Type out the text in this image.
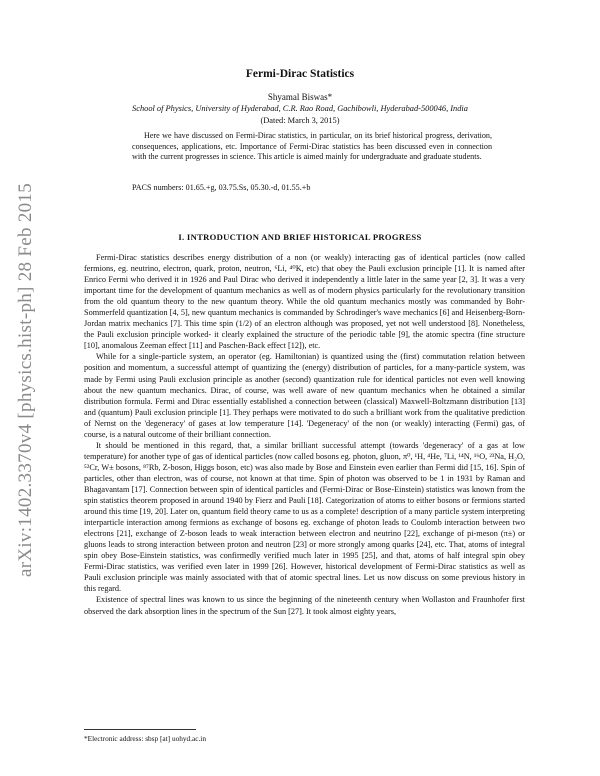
arXiv:1402.3370v4 [physics.hist-ph] 28 Feb 2015
Fermi-Dirac Statistics
Shyamal Biswas*
School of Physics, University of Hyderabad, C.R. Rao Road, Gachibowli, Hyderabad-500046, India
(Dated: March 3, 2015)

Here we have discussed on Fermi-Dirac statistics, in particular, on its brief historical progress, derivation, consequences, applications, etc. Importance of Fermi-Dirac statistics has been discussed even in connection with the current progresses in science. This article is aimed mainly for undergraduate and graduate students.

PACS numbers: 01.65.+g, 03.75.Ss, 05.30.-d, 01.55.+b
I. INTRODUCTION AND BRIEF HISTORICAL PROGRESS

Fermi-Dirac statistics describes energy distribution of a non (or weakly) interacting gas of identical particles (now called fermions, eg. neutrino, electron, quark, proton, neutron, ⁶Li, ⁴⁰K, etc) that obey the Pauli exclusion principle [1]. It is named after Enrico Fermi who derived it in 1926 and Paul Dirac who derived it independently a little later in the same year [2, 3]. It was a very important time for the development of quantum mechanics as well as of modern physics particularly for the revolutionary transition from the old quantum theory to the new quantum theory. While the old quantum mechanics mostly was commanded by Bohr-Sommerfeld quantization [4, 5], new quantum mechanics is commanded by Schrodinger's wave mechanics [6] and Heisenberg-Born-Jordan matrix mechanics [7]. This time spin (1/2) of an electron although was proposed, yet not well understood [8]. Nonetheless, the Pauli exclusion principle worked- it clearly explained the structure of the periodic table [9], the atomic spectra (fine structure [10], anomalous Zeeman effect [11] and Paschen-Back effect [12]), etc.

While for a single-particle system, an operator (eg. Hamiltonian) is quantized using the (first) commutation relation between position and momentum, a successful attempt of quantizing the (energy) distribution of particles, for a many-particle system, was made by Fermi using Pauli exclusion principle as another (second) quantization rule for identical particles not even well knowing about the new quantum mechanics. Dirac, of course, was well aware of new quantum mechanics when he obtained a similar distribution formula. Fermi and Dirac essentially established a connection between (classical) Maxwell-Boltzmann distribution [13] and (quantum) Pauli exclusion principle [1]. They perhaps were motivated to do such a brilliant work from the qualitative prediction of Nernst on the 'degeneracy' of gases at low temperature [14]. 'Degeneracy' of the non (or weakly) interacting (Fermi) gas, of course, is a natural outcome of their brilliant connection.

It should be mentioned in this regard, that, a similar brilliant successful attempt (towards 'degeneracy' of a gas at low temperature) for another type of gas of identical particles (now called bosons eg. photon, gluon, π⁰, ¹H, ⁴He, ⁷Li, ¹⁴N, ¹⁶O, ²³Na, H₂O, ⁵²Cr, W± bosons, ⁸⁷Rb, Z-boson, Higgs boson, etc) was also made by Bose and Einstein even earlier than Fermi did [15, 16]. Spin of particles, other than electron, was of course, not known at that time. Spin of photon was observed to be 1 in 1931 by Raman and Bhagavantam [17]. Connection between spin of identical particles and (Fermi-Dirac or Bose-Einstein) statistics was known from the spin statistics theorem proposed in around 1940 by Fierz and Pauli [18]. Categorization of atoms to either bosons or fermions started around this time [19, 20]. Later on, quantum field theory came to us as a complete! description of a many particle system interpreting interparticle interaction among fermions as exchange of bosons eg. exchange of photon leads to Coulomb interaction between two electrons [21], exchange of Z-boson leads to weak interaction between electron and neutrino [22], exchange of pi-meson (π±) or gluons leads to strong interaction between proton and neutron [23] or more strongly among quarks [24], etc. That, atoms of integral spin obey Bose-Einstein statistics, was confirmedly verified much later in 1995 [25], and that, atoms of half integral spin obey Fermi-Dirac statistics, was verified even later in 1999 [26]. However, historical development of Fermi-Dirac statistics as well as Pauli exclusion principle was mainly associated with that of atomic spectral lines. Let us now discuss on some previous history in this regard.

Existence of spectral lines was known to us since the beginning of the nineteenth century when Wollaston and Fraunhofer first observed the dark absorption lines in the spectrum of the Sun [27]. It took almost eighty years,

*Electronic address: sbsp [at] uohyd.ac.in
